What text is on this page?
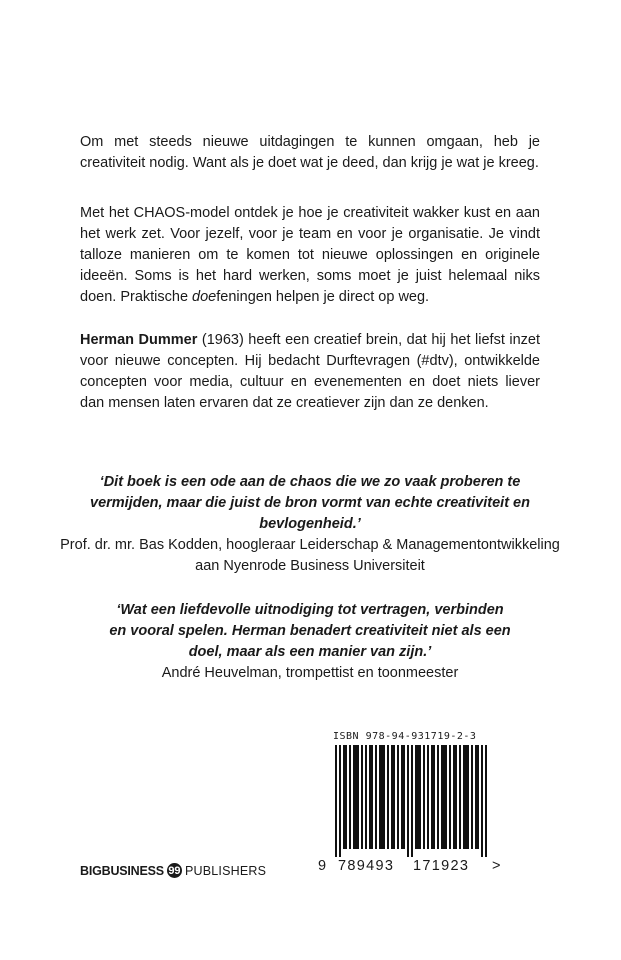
Om met steeds nieuwe uitdagingen te kunnen omgaan, heb je creativiteit nodig. Want als je doet wat je deed, dan krijg je wat je kreeg.

Met het CHAOS-model ontdek je hoe je creativiteit wakker kust en aan het werk zet. Voor jezelf, voor je team en voor je organisatie. Je vindt talloze manieren om te komen tot nieuwe oplossingen en originele ideeën. Soms is het hard werken, soms moet je juist helemaal niks doen. Praktische doefeningen helpen je direct op weg.

Herman Dummer (1963) heeft een creatief brein, dat hij het liefst inzet voor nieuwe concepten. Hij bedacht Durftevragen (#dtv), ontwikkelde concepten voor media, cultuur en evenementen en doet niets liever dan mensen laten ervaren dat ze creatiever zijn dan ze denken.

‘Dit boek is een ode aan de chaos die we zo vaak proberen te vermijden, maar die juist de bron vormt van echte creativiteit en bevlogenheid.’
Prof. dr. mr. Bas Kodden, hoogleraar Leiderschap & Managementontwikkeling aan Nyenrode Business Universiteit
‘Wat een liefdevolle uitnodiging tot vertragen, verbinden en vooral spelen. Herman benadert creativiteit niet als een doel, maar als een manier van zijn.’
André Heuvelman, trompettist en toonmeester
ISBN 978-94-931719-2-3
9 789493 171923 >
BIGBUSINESS 99 PUBLISHERS
